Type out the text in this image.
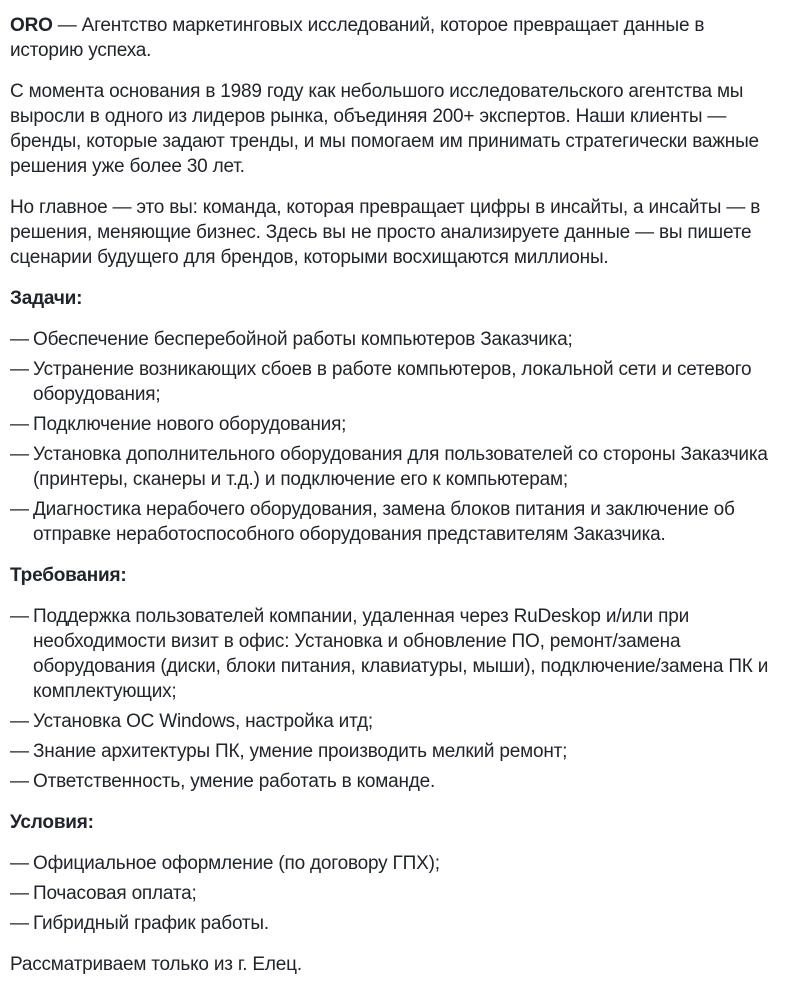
ORO — Агентство маркетинговых исследований, которое превращает данные в историю успеха.

С момента основания в 1989 году как небольшого исследовательского агентства мы выросли в одного из лидеров рынка, объединяя 200+ экспертов. Наши клиенты — бренды, которые задают тренды, и мы помогаем им принимать стратегически важные решения уже более 30 лет.

Но главное — это вы: команда, которая превращает цифры в инсайты, а инсайты — в решения, меняющие бизнес. Здесь вы не просто анализируете данные — вы пишете сценарии будущего для брендов, которыми восхищаются миллионы.

Задачи:

— Обеспечение бесперебойной работы компьютеров Заказчика;
— Устранение возникающих сбоев в работе компьютеров, локальной сети и сетевого оборудования;
— Подключение нового оборудования;
— Установка дополнительного оборудования для пользователей со стороны Заказчика (принтеры, сканеры и т.д.) и подключение его к компьютерам;
— Диагностика нерабочего оборудования, замена блоков питания и заключение об отправке неработоспособного оборудования представителям Заказчика.

Требования:

— Поддержка пользователей компании, удаленная через RuDeskop и/или при необходимости визит в офис: Установка и обновление ПО, ремонт/замена оборудования (диски, блоки питания, клавиатуры, мыши), подключение/замена ПК и комплектующих;
— Установка ОС Windows, настройка итд;
— Знание архитектуры ПК, умение производить мелкий ремонт;
— Ответственность, умение работать в команде.

Условия:

— Официальное оформление (по договору ГПХ);
— Почасовая оплата;
— Гибридный график работы.

Рассматриваем только из г. Елец.
